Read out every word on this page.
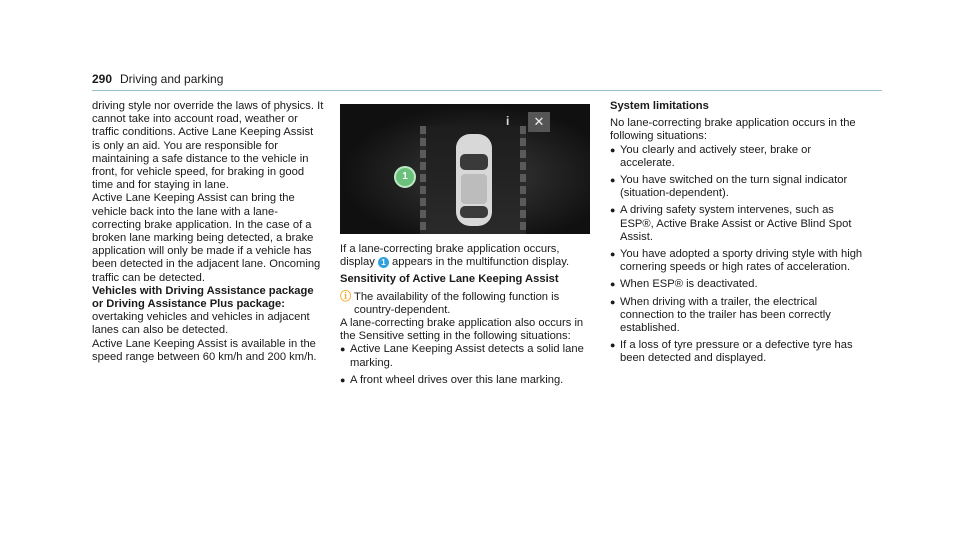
290 Driving and parking

driving style nor override the laws of physics. It cannot take into account road, weather or traffic conditions. Active Lane Keeping Assist is only an aid. You are responsible for maintaining a safe distance to the vehicle in front, for vehicle speed, for braking in good time and for staying in lane.

Active Lane Keeping Assist can bring the vehicle back into the lane with a lane-correcting brake application. In the case of a broken lane marking being detected, a brake application will only be made if a vehicle has been detected in the adjacent lane. Oncoming traffic can be detected.

Vehicles with Driving Assistance package or Driving Assistance Plus package: overtaking vehicles and vehicles in adjacent lanes can also be detected.

Active Lane Keeping Assist is available in the speed range between 60 km/h and 200 km/h.

i	✕
1

If a lane-correcting brake application occurs, display 1 appears in the multifunction display.

Sensitivity of Active Lane Keeping Assist

ⓘ The availability of the following function is country-dependent.

A lane-correcting brake application also occurs in the Sensitive setting in the following situations:

● Active Lane Keeping Assist detects a solid lane marking.
● A front wheel drives over this lane marking.

System limitations

No lane-correcting brake application occurs in the following situations:

● You clearly and actively steer, brake or accelerate.
● You have switched on the turn signal indicator (situation-dependent).
● A driving safety system intervenes, such as ESP®, Active Brake Assist or Active Blind Spot Assist.
● You have adopted a sporty driving style with high cornering speeds or high rates of acceleration.
● When ESP® is deactivated.
● When driving with a trailer, the electrical connection to the trailer has been correctly established.
● If a loss of tyre pressure or a defective tyre has been detected and displayed.
